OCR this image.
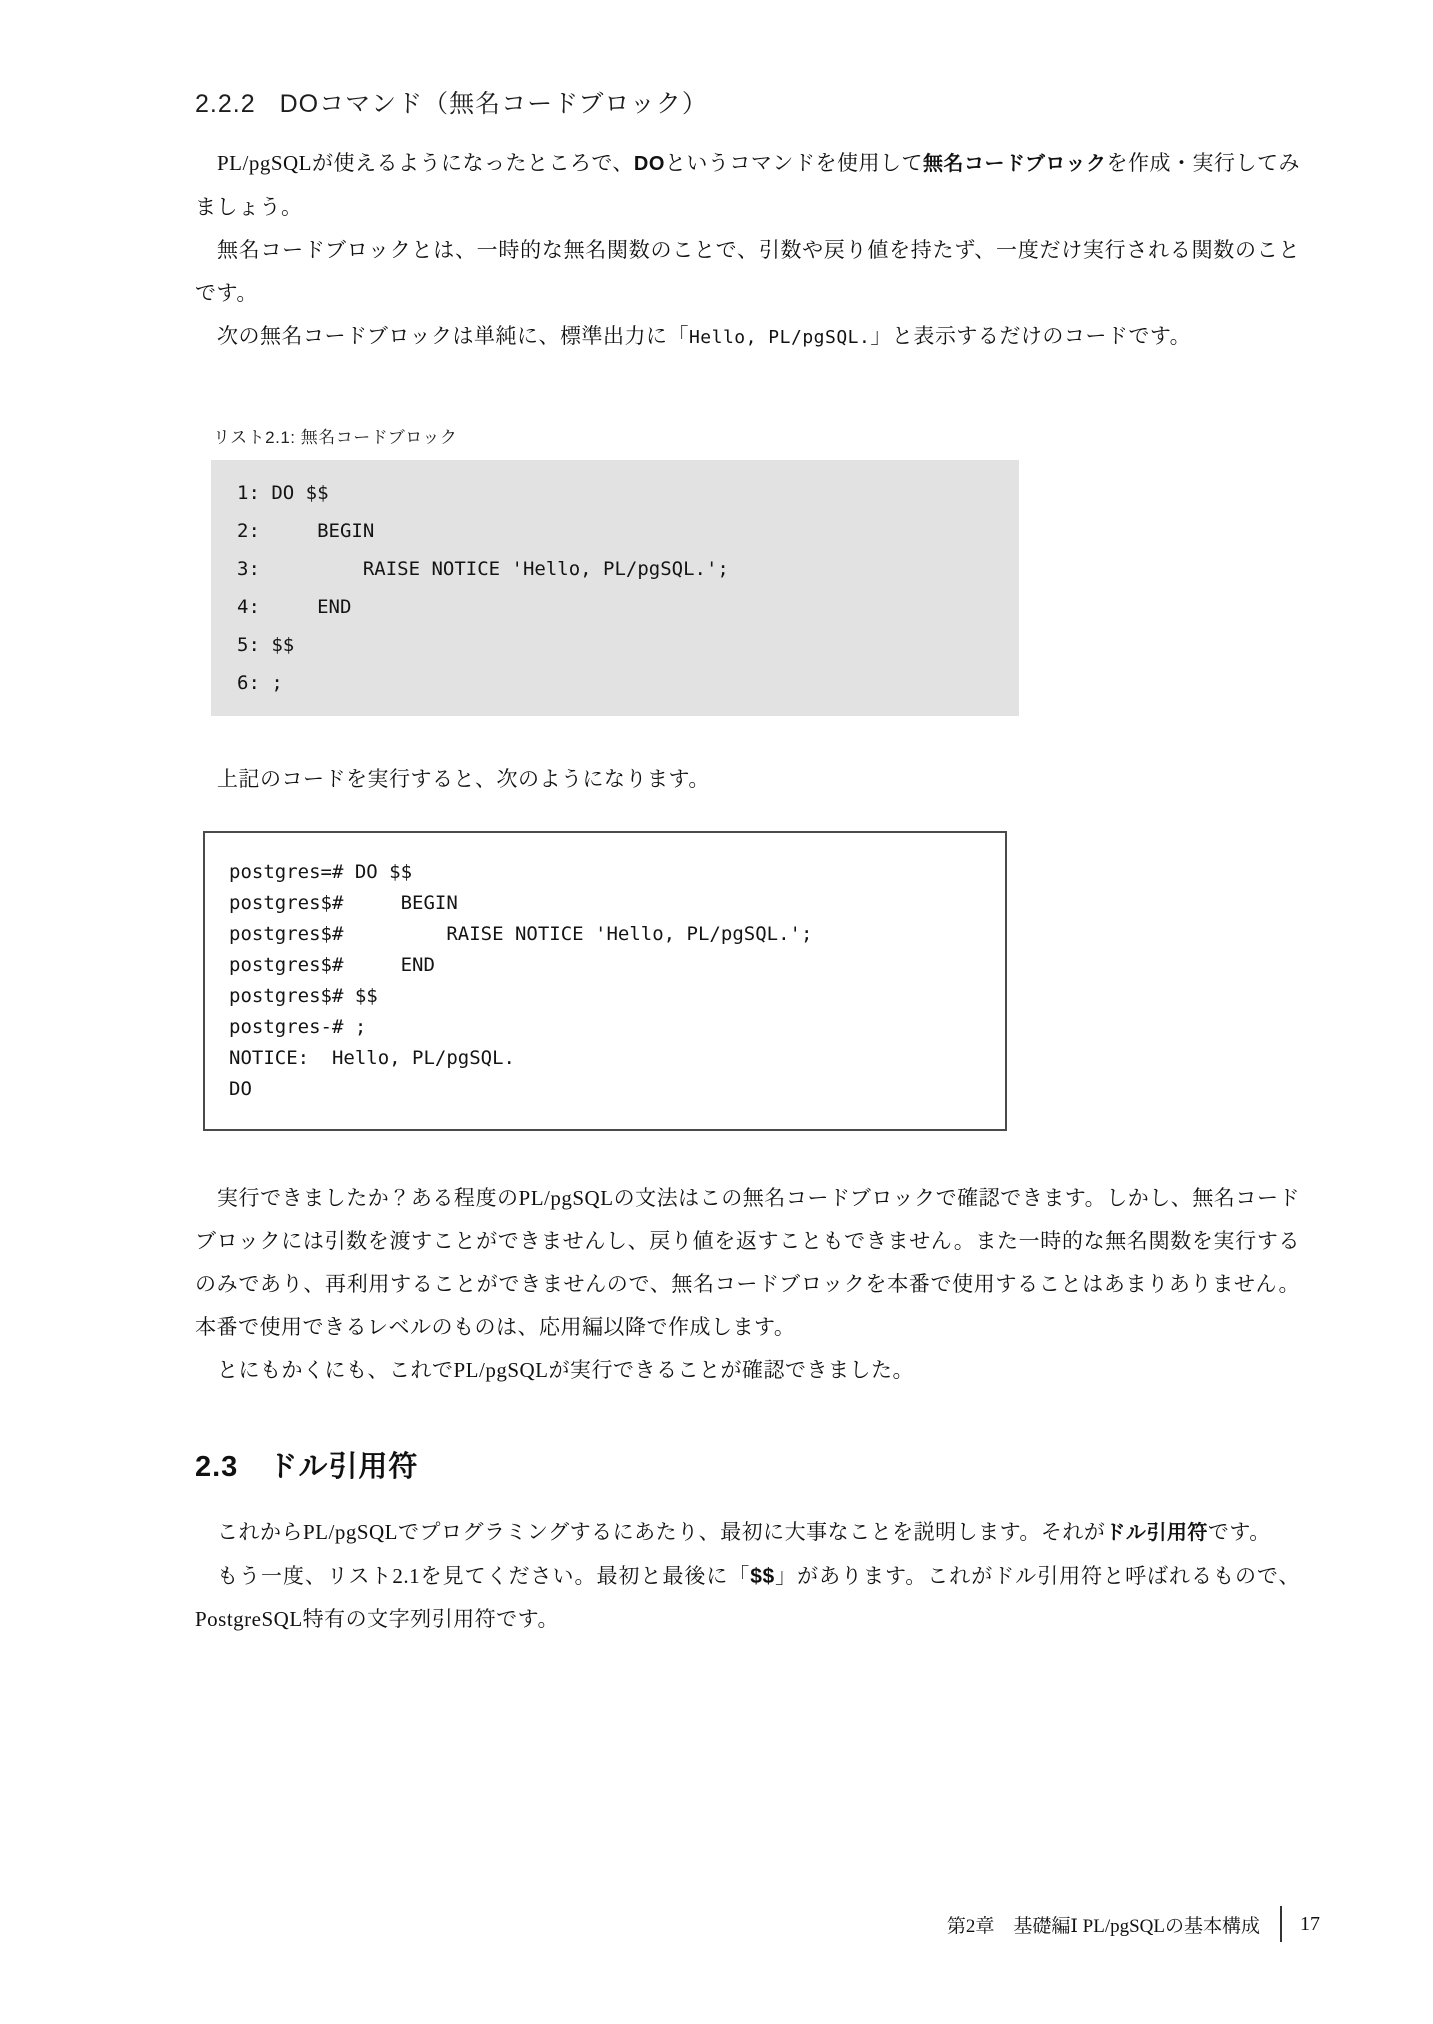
2.2.2 DOコマンド（無名コードブロック）

PL/pgSQLが使えるようになったところで、DOというコマンドを使用して無名コードブロックを作成・実行してみましょう。

無名コードブロックとは、一時的な無名関数のことで、引数や戻り値を持たず、一度だけ実行される関数のことです。

次の無名コードブロックは単純に、標準出力に「Hello, PL/pgSQL.」と表示するだけのコードです。

リスト2.1: 無名コードブロック
1: DO $$
2:     BEGIN
3:         RAISE NOTICE 'Hello, PL/pgSQL.';
4:     END
5: $$
6: ;

上記のコードを実行すると、次のようになります。

postgres=# DO $$
postgres$#     BEGIN
postgres$#         RAISE NOTICE 'Hello, PL/pgSQL.';
postgres$#     END
postgres$# $$
postgres-# ;
NOTICE:  Hello, PL/pgSQL.
DO

実行できましたか？ある程度のPL/pgSQLの文法はこの無名コードブロックで確認できます。しかし、無名コードブロックには引数を渡すことができませんし、戻り値を返すこともできません。また一時的な無名関数を実行するのみであり、再利用することができませんので、無名コードブロックを本番で使用することはあまりありません。本番で使用できるレベルのものは、応用編以降で作成します。

とにもかくにも、これでPL/pgSQLが実行できることが確認できました。

2.3 ドル引用符

これからPL/pgSQLでプログラミングするにあたり、最初に大事なことを説明します。それがドル引用符です。

もう一度、リスト2.1を見てください。最初と最後に「$$」があります。これがドル引用符と呼ばれるもので、PostgreSQL特有の文字列引用符です。

第2章　基礎編Ⅰ PL/pgSQLの基本構成 17
